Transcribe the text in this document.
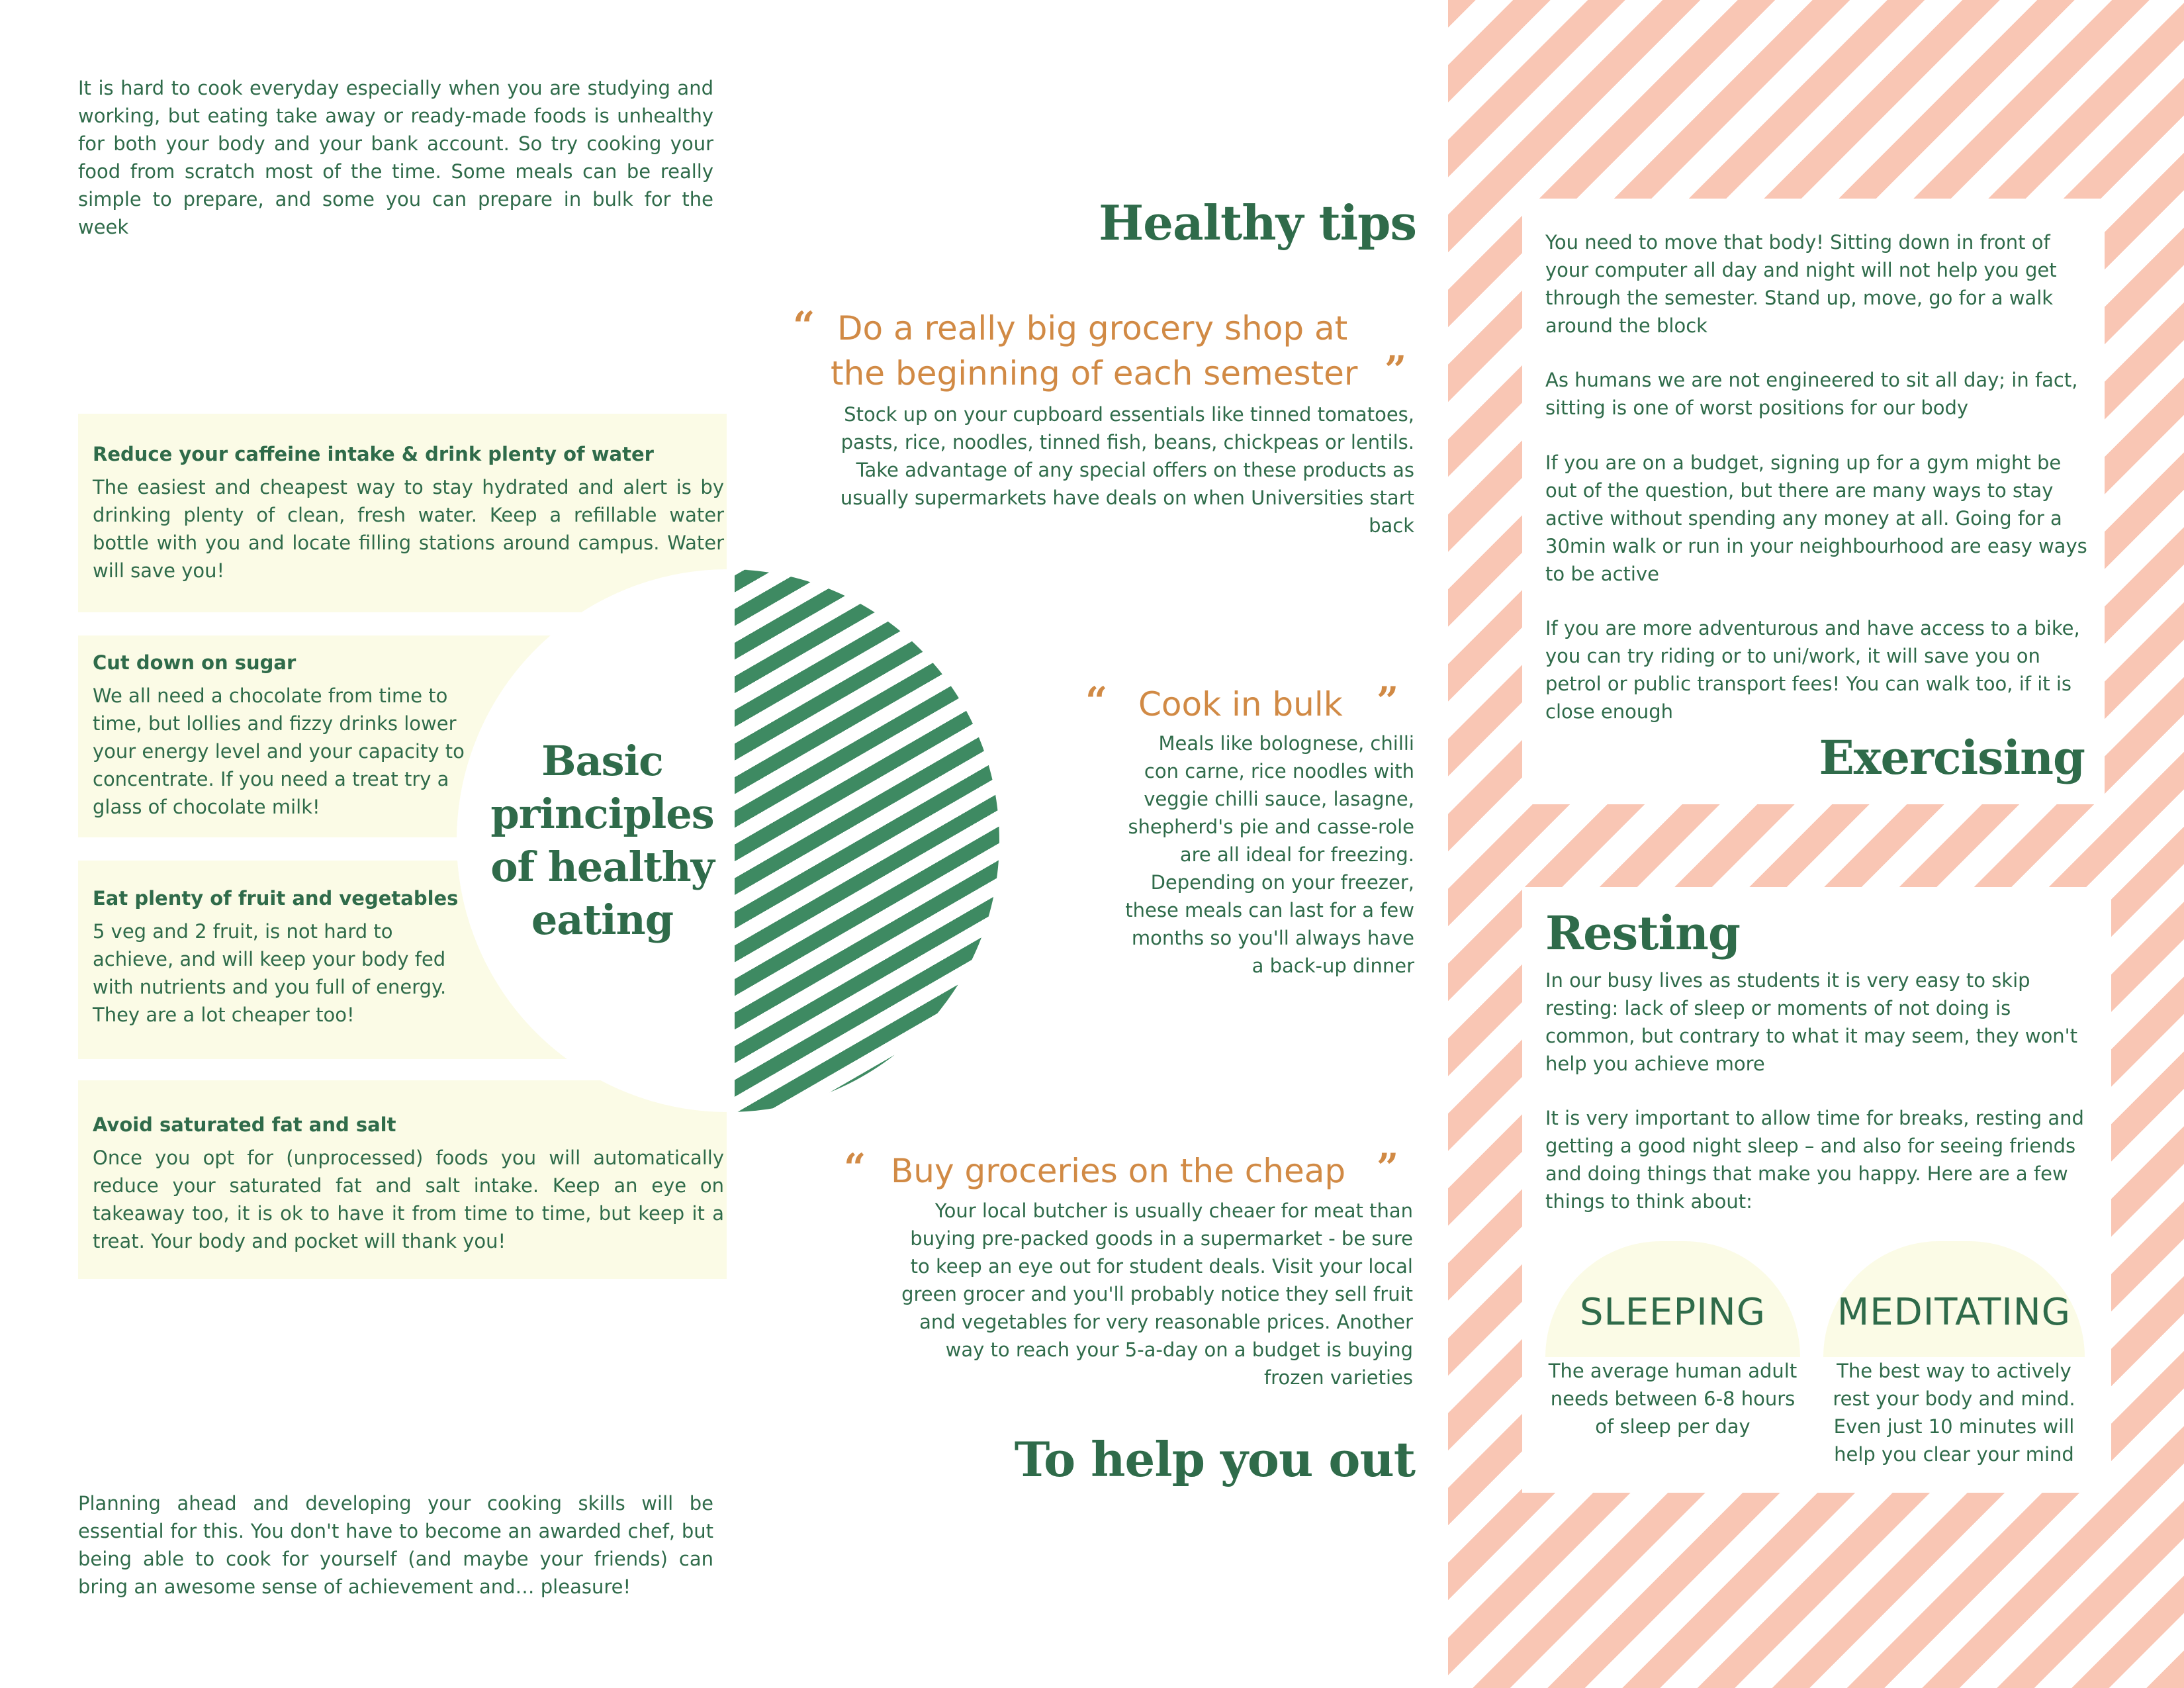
It is hard to cook everyday especially when you are studying and working, but eating take away or ready-made foods is unhealthy for both your body and your bank account. So try cooking your food from scratch most of the time. Some meals can be really simple to prepare, and some you can prepare in bulk for the week
Reduce your caffeine intake & drink plenty of water
The easiest and cheapest way to stay hydrated and alert is by drinking plenty of clean, fresh water. Keep a refillable water bottle with you and locate filling stations around campus. Water will save you!
Cut down on sugar
We all need a chocolate from time to time, but lollies and fizzy drinks lower your energy level and your capacity to concentrate. If you need a treat try a glass of chocolate milk!
Eat plenty of fruit and vegetables
5 veg and 2 fruit, is not hard to achieve, and will keep your body fed with nutrients and you full of energy. They are a lot cheaper too!
Avoid saturated fat and salt
Once you opt for (unprocessed) foods you will automatically reduce your saturated fat and salt intake. Keep an eye on takeaway too, it is ok to have it from time to time, but keep it a treat. Your body and pocket will thank you!
Basic principles of healthy eating
Planning ahead and developing your cooking skills will be essential for this. You don't have to become an awarded chef, but being able to cook for yourself (and maybe your friends) can bring an awesome sense of achievement and… pleasure!
Healthy tips
“ Do a really big grocery shop at
the beginning of each semester ”
Stock up on your cupboard essentials like tinned tomatoes, pasts, rice, noodles, tinned fish, beans, chickpeas or lentils. Take advantage of any special offers on these products as usually supermarkets have deals on when Universities start back
“ Cook in bulk ”
Meals like bolognese, chilli con carne, rice noodles with veggie chilli sauce, lasagne, shepherd's pie and casse-role are all ideal for freezing. Depending on your freezer, these meals can last for a few months so you'll always have a back-up dinner
“ Buy groceries on the cheap ”
Your local butcher is usually cheaer for meat than buying pre-packed goods in a supermarket - be sure to keep an eye out for student deals. Visit your local green grocer and you'll probably notice they sell fruit and vegetables for very reasonable prices. Another way to reach your 5-a-day on a budget is buying frozen varieties
To help you out
You need to move that body! Sitting down in front of your computer all day and night will not help you get through the semester. Stand up, move, go for a walk around the block
As humans we are not engineered to sit all day; in fact, sitting is one of worst positions for our body
If you are on a budget, signing up for a gym might be out of the question, but there are many ways to stay active without spending any money at all. Going for a 30min walk or run in your neighbourhood are easy ways to be active
If you are more adventurous and have access to a bike, you can try riding or to uni/work, it will save you on petrol or public transport fees! You can walk too, if it is close enough
Exercising
Resting
In our busy lives as students it is very easy to skip resting: lack of sleep or moments of not doing is common, but contrary to what it may seem, they won't help you achieve more
It is very important to allow time for breaks, resting and getting a good night sleep – and also for seeing friends and doing things that make you happy. Here are a few things to think about:
SLEEPING
The average human adult needs between 6-8 hours of sleep per day
MEDITATING
The best way to actively rest your body and mind. Even just 10 minutes will help you clear your mind
